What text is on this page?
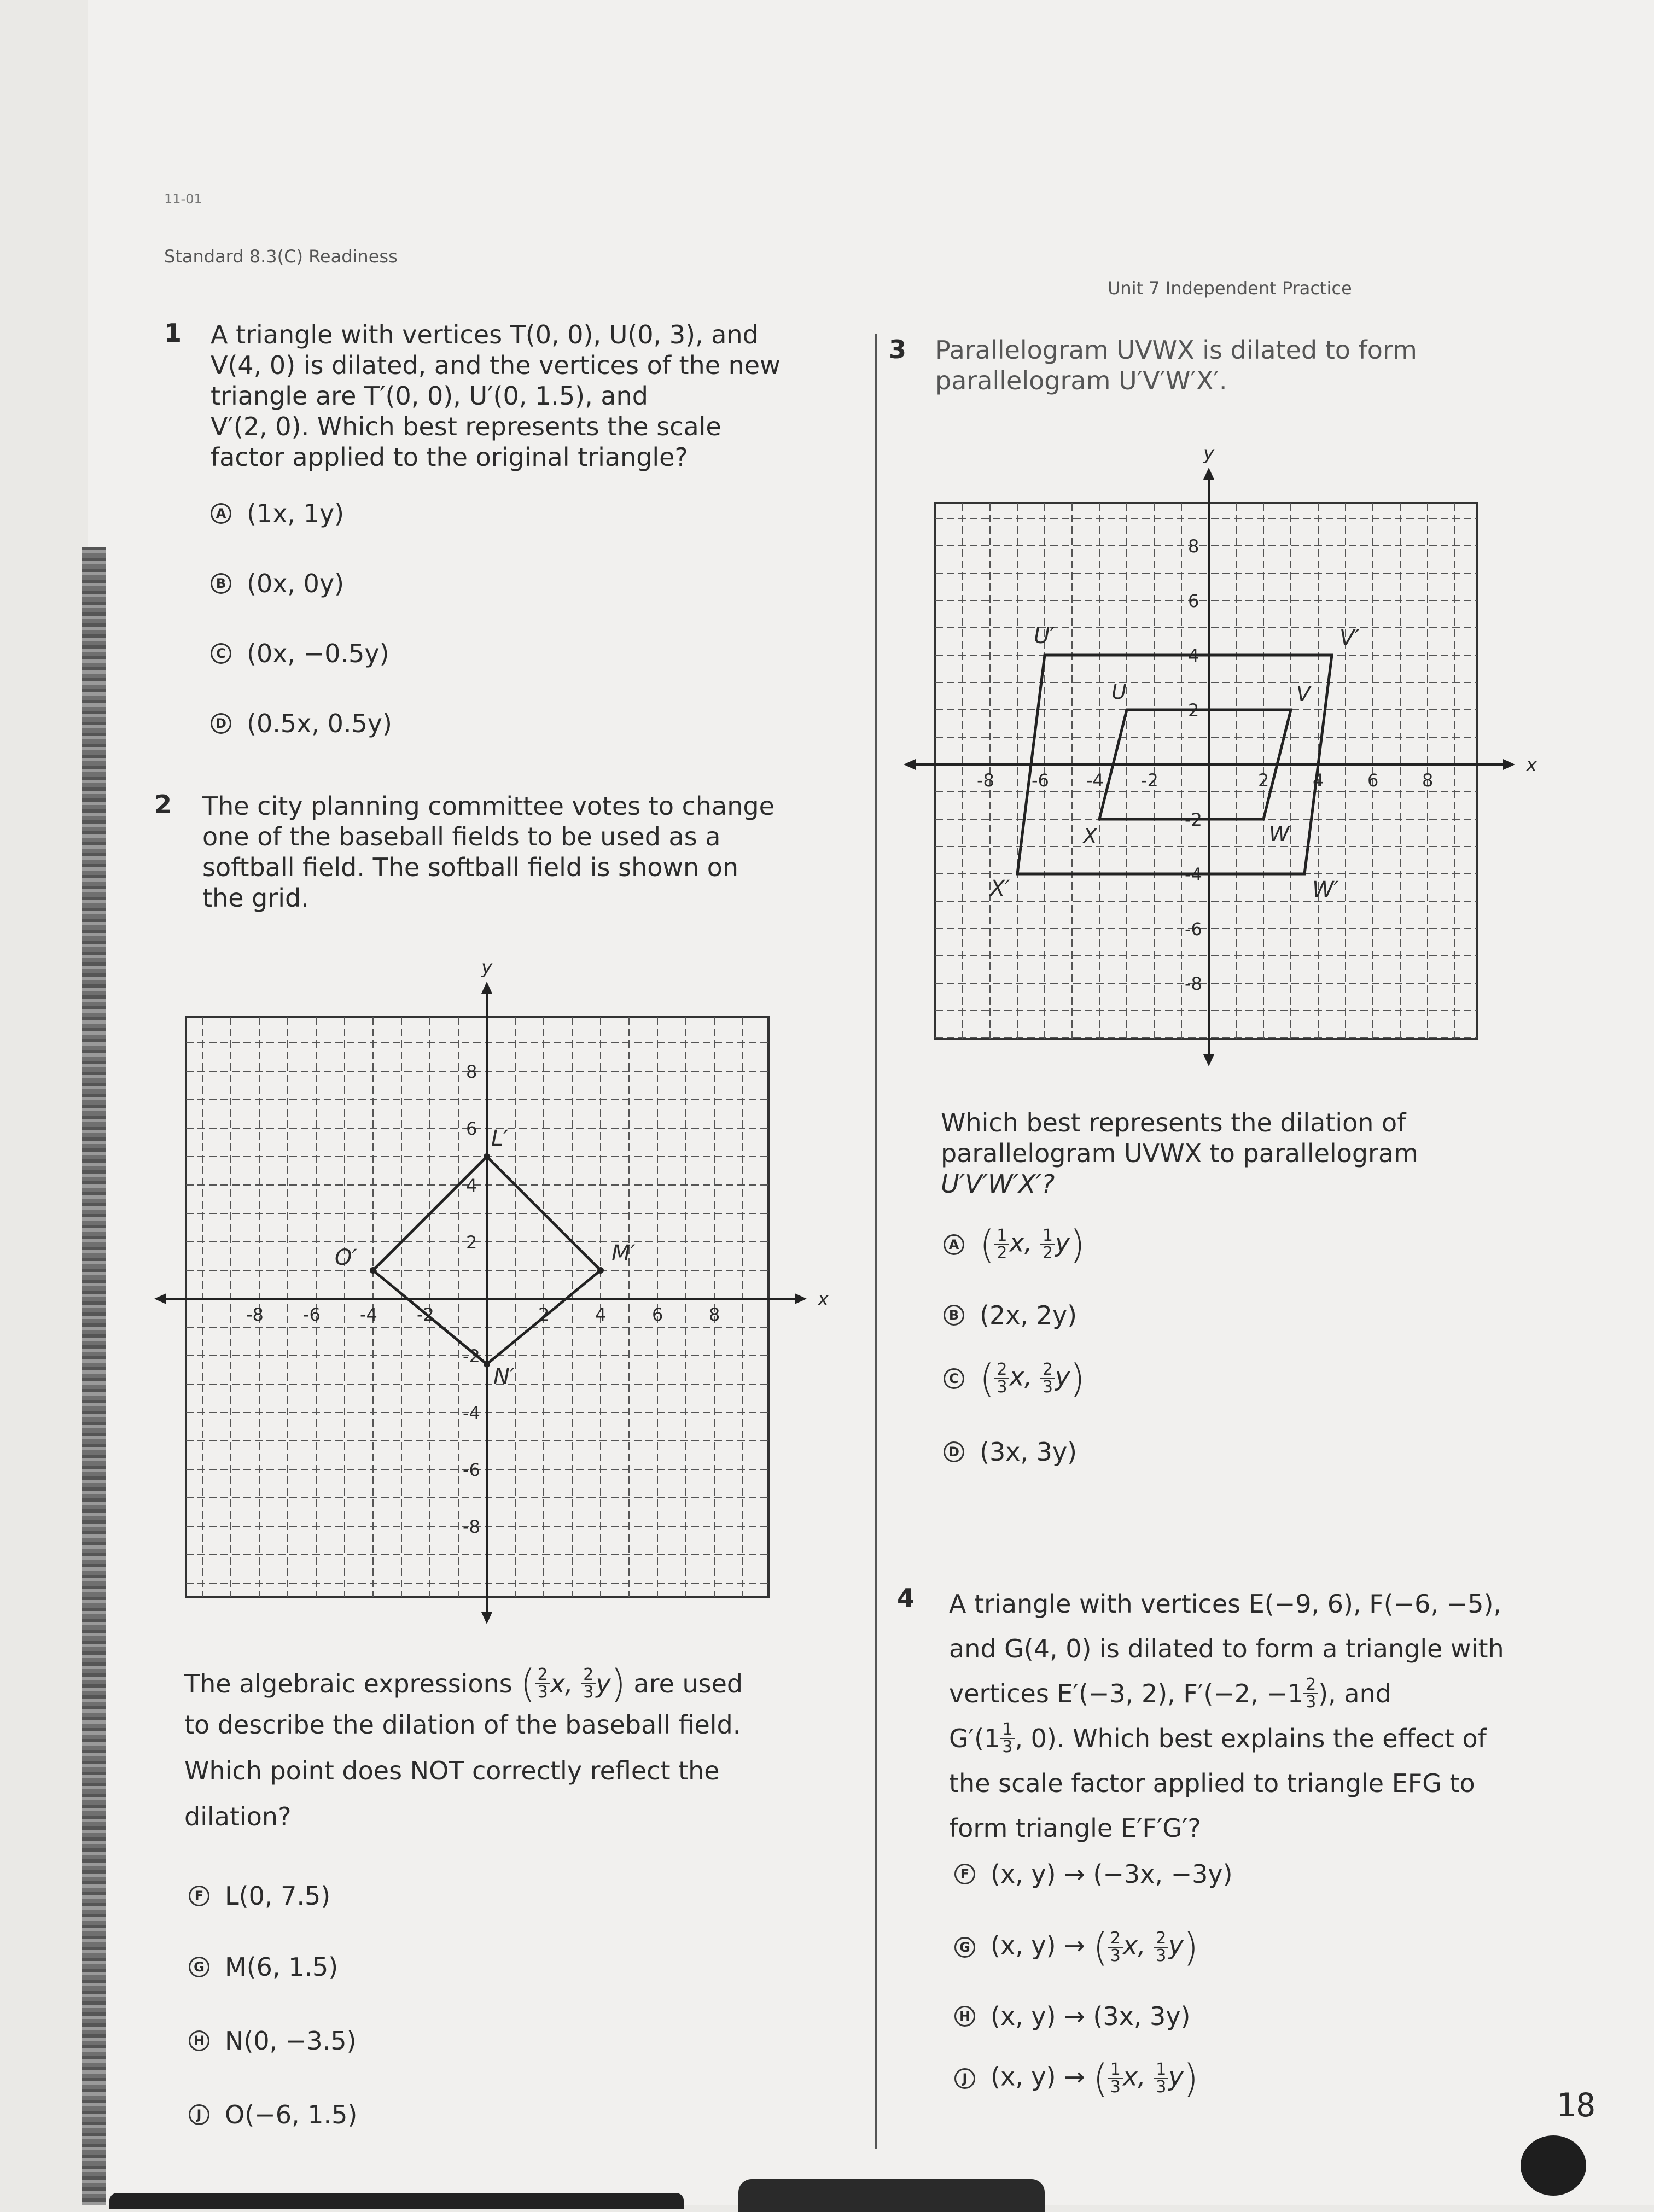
11-01
Standard 8.3(C) Readiness
Unit 7 Independent Practice
1 A triangle with vertices T(0, 0), U(0, 3), and
V(4, 0) is dilated, and the vertices of the new
triangle are T′(0, 0), U′(0, 1.5), and
V′(2, 0). Which best represents the scale
factor applied to the original triangle?
A (1x, 1y)
B (0x, 0y)
C (0x, −0.5y)
D (0.5x, 0.5y)
2 The city planning committee votes to change
one of the baseball fields to be used as a
softball field. The softball field is shown on
the grid.
x
y
-8 -6 -4 -2	2	4	6	8
8
6
4
2
-2
-4
-6
-8
L′
M′
N′
O′
The algebraic expressions ( $\frac{2}{3} x$, $\frac{2}{3}$ y ) are used
to describe the dilation of the baseball field.
Which point does NOT correctly reflect the
dilation?
F L(0, 7.5)
G M(6, 1.5)
H N(0, −3.5)
J O(−6, 1.5)
3 Parallelogram UVWX is dilated to form
parallelogram U′V′W′X′.
x
y
-8 -6 -4 -2	2 4 6 8
8
6
4
2
-2
-4
-6
-8
U	V
W
X
U′	V′
W′
X′
Which best represents the dilation of
parallelogram UVWX to parallelogram
U′V′W′X′?
A ( $\frac{1}{2} x$, $\frac{1}{2} y$)
B (2x, 2y)
C ( $\frac{2}{3} x$, $\frac{2}{3} y$)
D (3x, 3y)
4 A triangle with vertices E(−9, 6), F(−6, −5),
and G(4, 0) is dilated to form a triangle with
vertices E′(−3, 2), F′ (−2, $-1 \frac{2}{3}$ ), and
G′ ( $1 \frac{1}{3}$ , 0) . Which best explains the effect of
the scale factor applied to triangle EFG to
form triangle E′F′G′?
F (x, y) → (−3x, −3y)
G (x, y) → ( $\frac{2}{3} x$, $\frac{2}{3} y$)
H (x, y) → (3x, 3y)
J (x, y) → ( $\frac{1}{3} x$, $\frac{1}{3} y$)
18
